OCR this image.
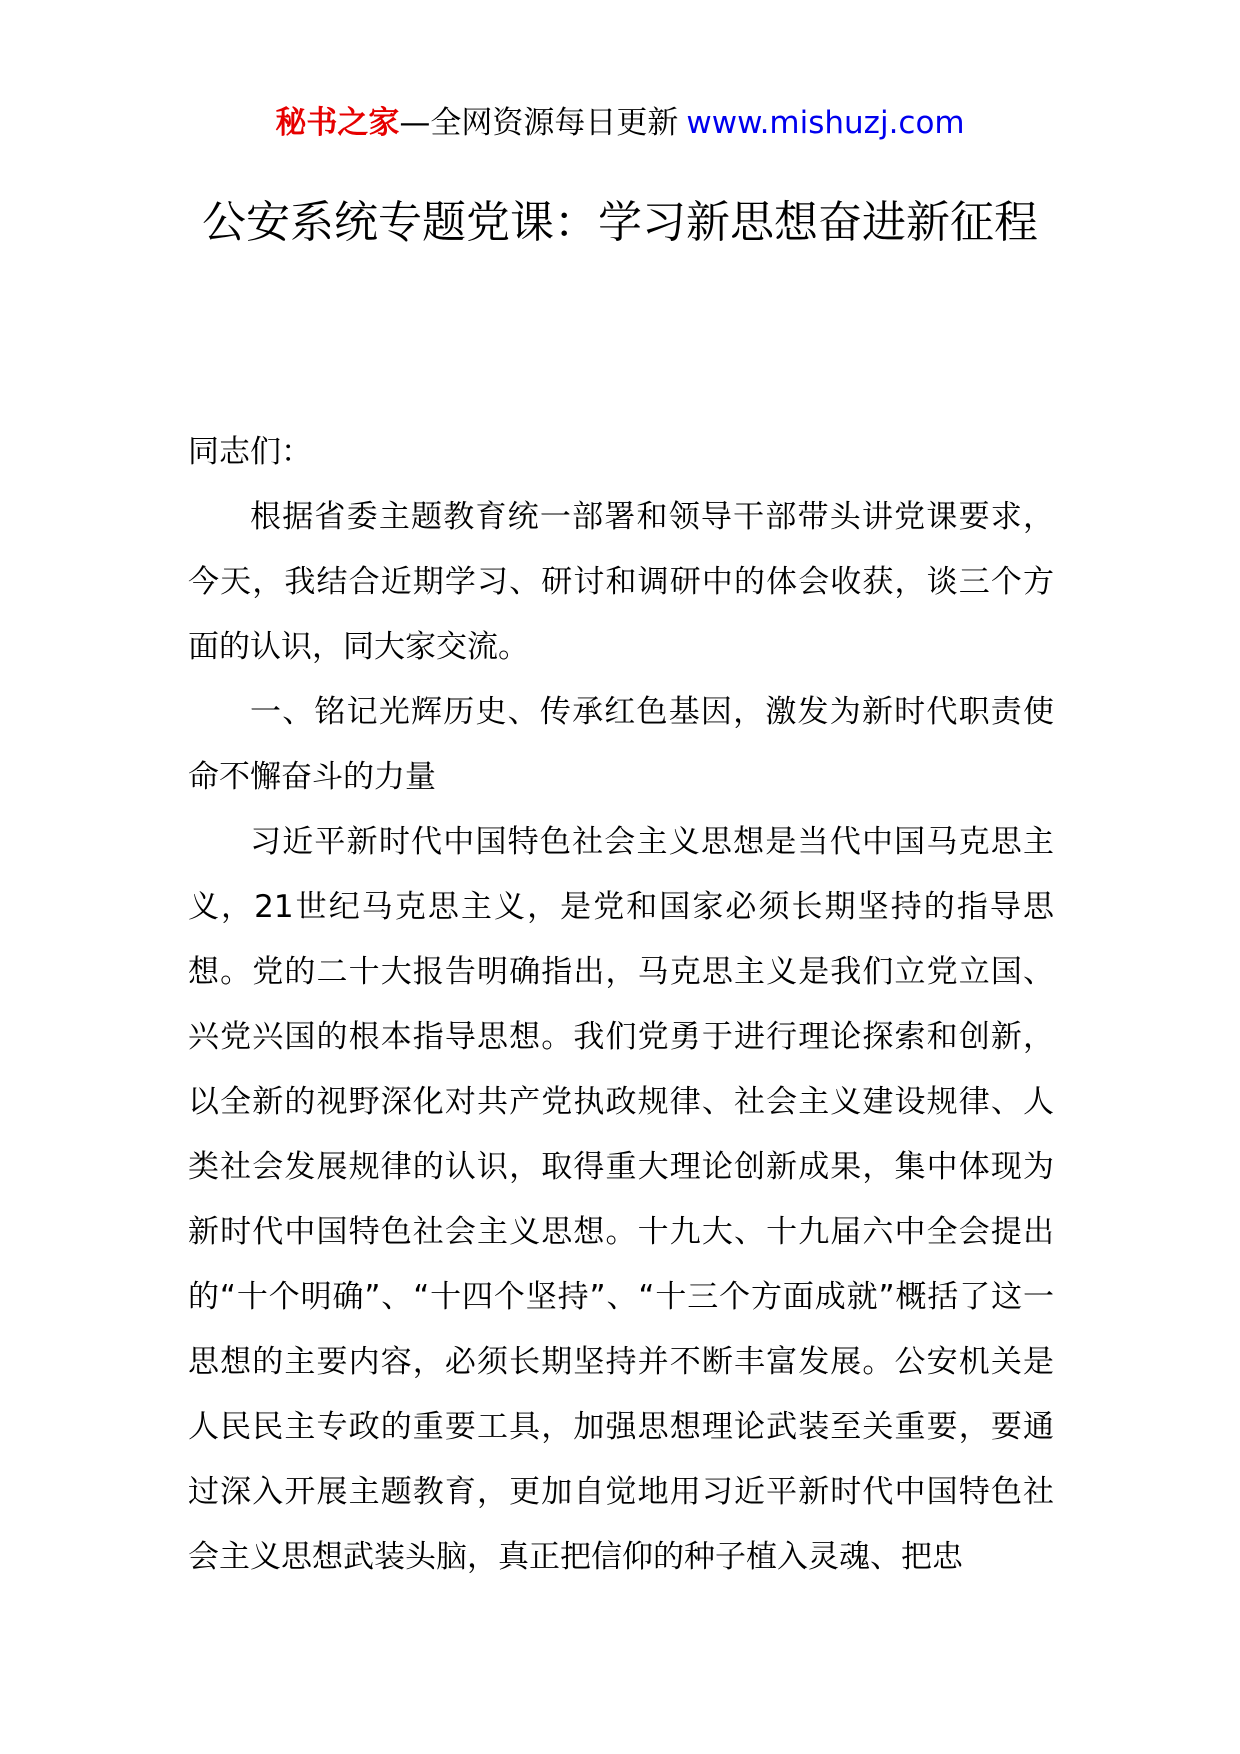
秘书之家—全网资源每日更新 www.mishuzj.com
公安系统专题党课：学习新思想奋进新征程

同志们：

根据省委主题教育统一部署和领导干部带头讲党课要求，今天，我结合近期学习、研讨和调研中的体会收获，谈三个方面的认识，同大家交流。

一、铭记光辉历史、传承红色基因，激发为新时代职责使命不懈奋斗的力量

习近平新时代中国特色社会主义思想是当代中国马克思主义，21世纪马克思主义，是党和国家必须长期坚持的指导思想。党的二十大报告明确指出，马克思主义是我们立党立国、兴党兴国的根本指导思想。我们党勇于进行理论探索和创新，以全新的视野深化对共产党执政规律、社会主义建设规律、人类社会发展规律的认识，取得重大理论创新成果，集中体现为新时代中国特色社会主义思想。十九大、十九届六中全会提出的“十个明确”、“十四个坚持”、“十三个方面成就”概括了这一思想的主要内容，必须长期坚持并不断丰富发展。公安机关是人民民主专政的重要工具，加强思想理论武装至关重要，要通过深入开展主题教育，更加自觉地用习近平新时代中国特色社会主义思想武装头脑，真正把信仰的种子植入灵魂、把忠
